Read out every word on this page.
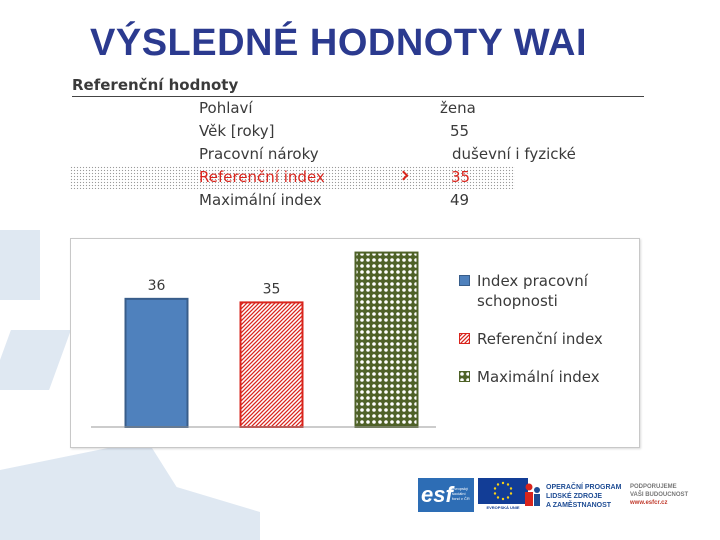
VÝSLEDNÉ HODNOTY WAI
Referenční hodnoty
Pohlaví	žena
Věk [roky]	55
Pracovní nároky	duševní i fyzické
Referenční index	35
Maximální index	49
36	35	Index pracovní schopnosti
Referenční index
Maximální index
esf evropský sociální fond v ČR
EVROPSKÁ UNIE
OPERAČNÍ PROGRAM
LIDSKÉ ZDROJE
A ZAMĚSTNANOST
PODPORUJEME
VAŠI BUDOUCNOST
www.esfcr.cz
